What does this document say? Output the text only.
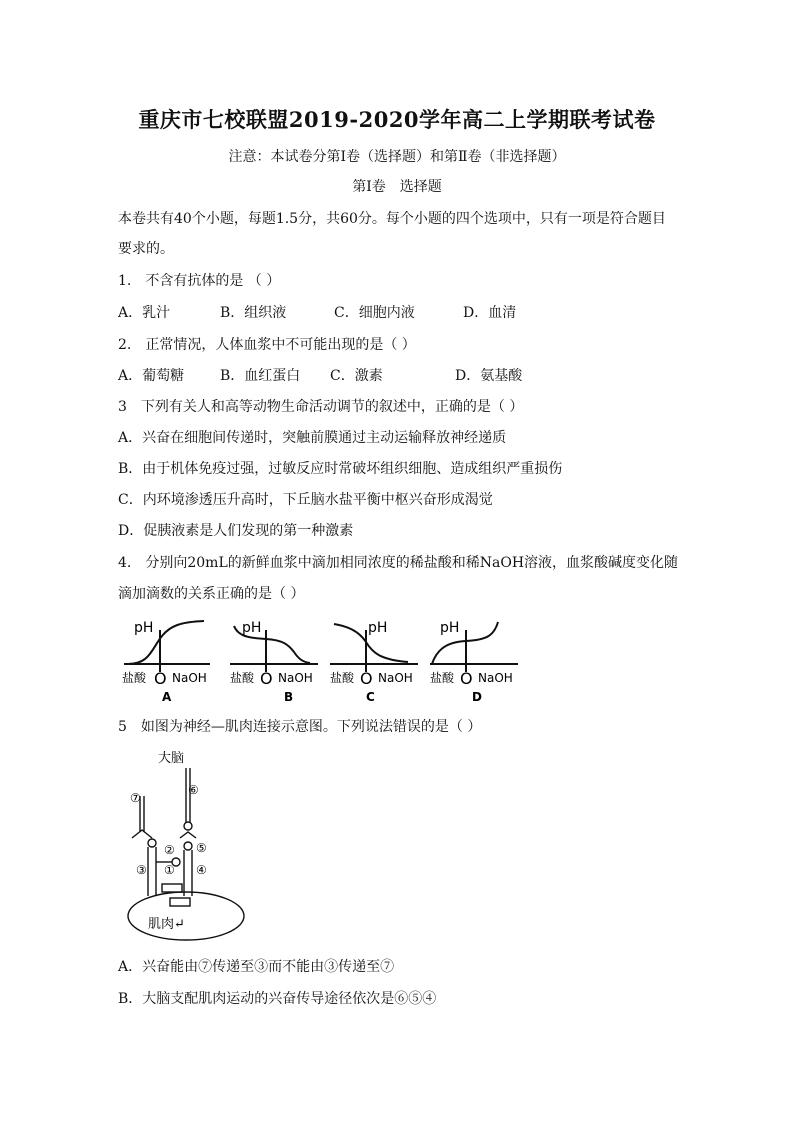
重庆市七校联盟2019-2020学年高二上学期联考试卷
注意：本试卷分第Ⅰ卷（选择题）和第Ⅱ卷（非选择题）
第Ⅰ卷　选择题
本卷共有40个小题，每题1.5分，共60分。每个小题的四个选项中，只有一项是符合题目
要求的。
1.　不含有抗体的是 （ ）
A．乳汁	B．组织液	C．细胞内液	D．血清
2.　正常情况，人体血浆中不可能出现的是（ ）
A．葡萄糖	B．血红蛋白 C．激素	D．氨基酸
3　下列有关人和高等动物生命活动调节的叙述中，正确的是（ ）
A．兴奋在细胞间传递时，突触前膜通过主动运输释放神经递质
B．由于机体免疫过强，过敏反应时常破坏组织细胞、造成组织严重损伤
C．内环境渗透压升高时，下丘脑水盐平衡中枢兴奋形成渴觉
D．促胰液素是人们发现的第一种激素
4.　分别向20mL的新鲜血浆中滴加相同浓度的稀盐酸和稀NaOH溶液，血浆酸碱度变化随
滴加滴数的关系正确的是（ ）
pH
盐酸 O NaOH
A
pH
盐酸 O NaOH
B
pH
盐酸 O NaOH
C
pH
盐酸 O NaOH
D
5　如图为神经—肌肉连接示意图。下列说法错误的是（ ）
大脑
⑥
⑦
⑤
③
②
① ④
肌肉↵
A．兴奋能由⑦传递至③而不能由③传递至⑦
B．大脑支配肌肉运动的兴奋传导途径依次是⑥⑤④
